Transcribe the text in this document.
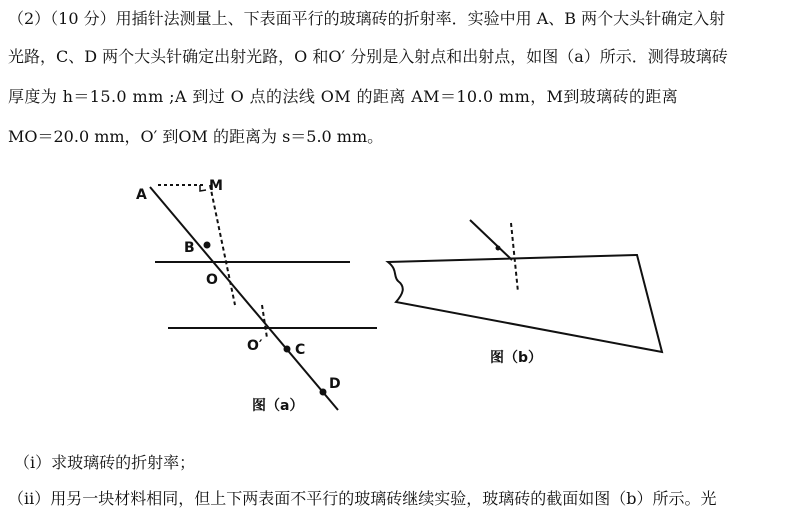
（2）（10 分）用插针法测量上、下表面平行的玻璃砖的折射率．实验中用 A、B 两个大头针确定入射
光路，C、D 两个大头针确定出射光路，O 和O′ 分别是入射点和出射点，如图（a）所示．测得玻璃砖
厚度为 h＝15.0 mm ;A 到过 O 点的法线 OM 的距离 AM＝10.0 mm，M到玻璃砖的距离
MO＝20.0 mm，O′ 到OM 的距离为 s＝5.0 mm。
A
M
B
O
O′ C
D
图（a）
图（b）
（ⅰ）求玻璃砖的折射率；
（ⅱ）用另一块材料相同，但上下两表面不平行的玻璃砖继续实验，玻璃砖的截面如图（b）所示。光
